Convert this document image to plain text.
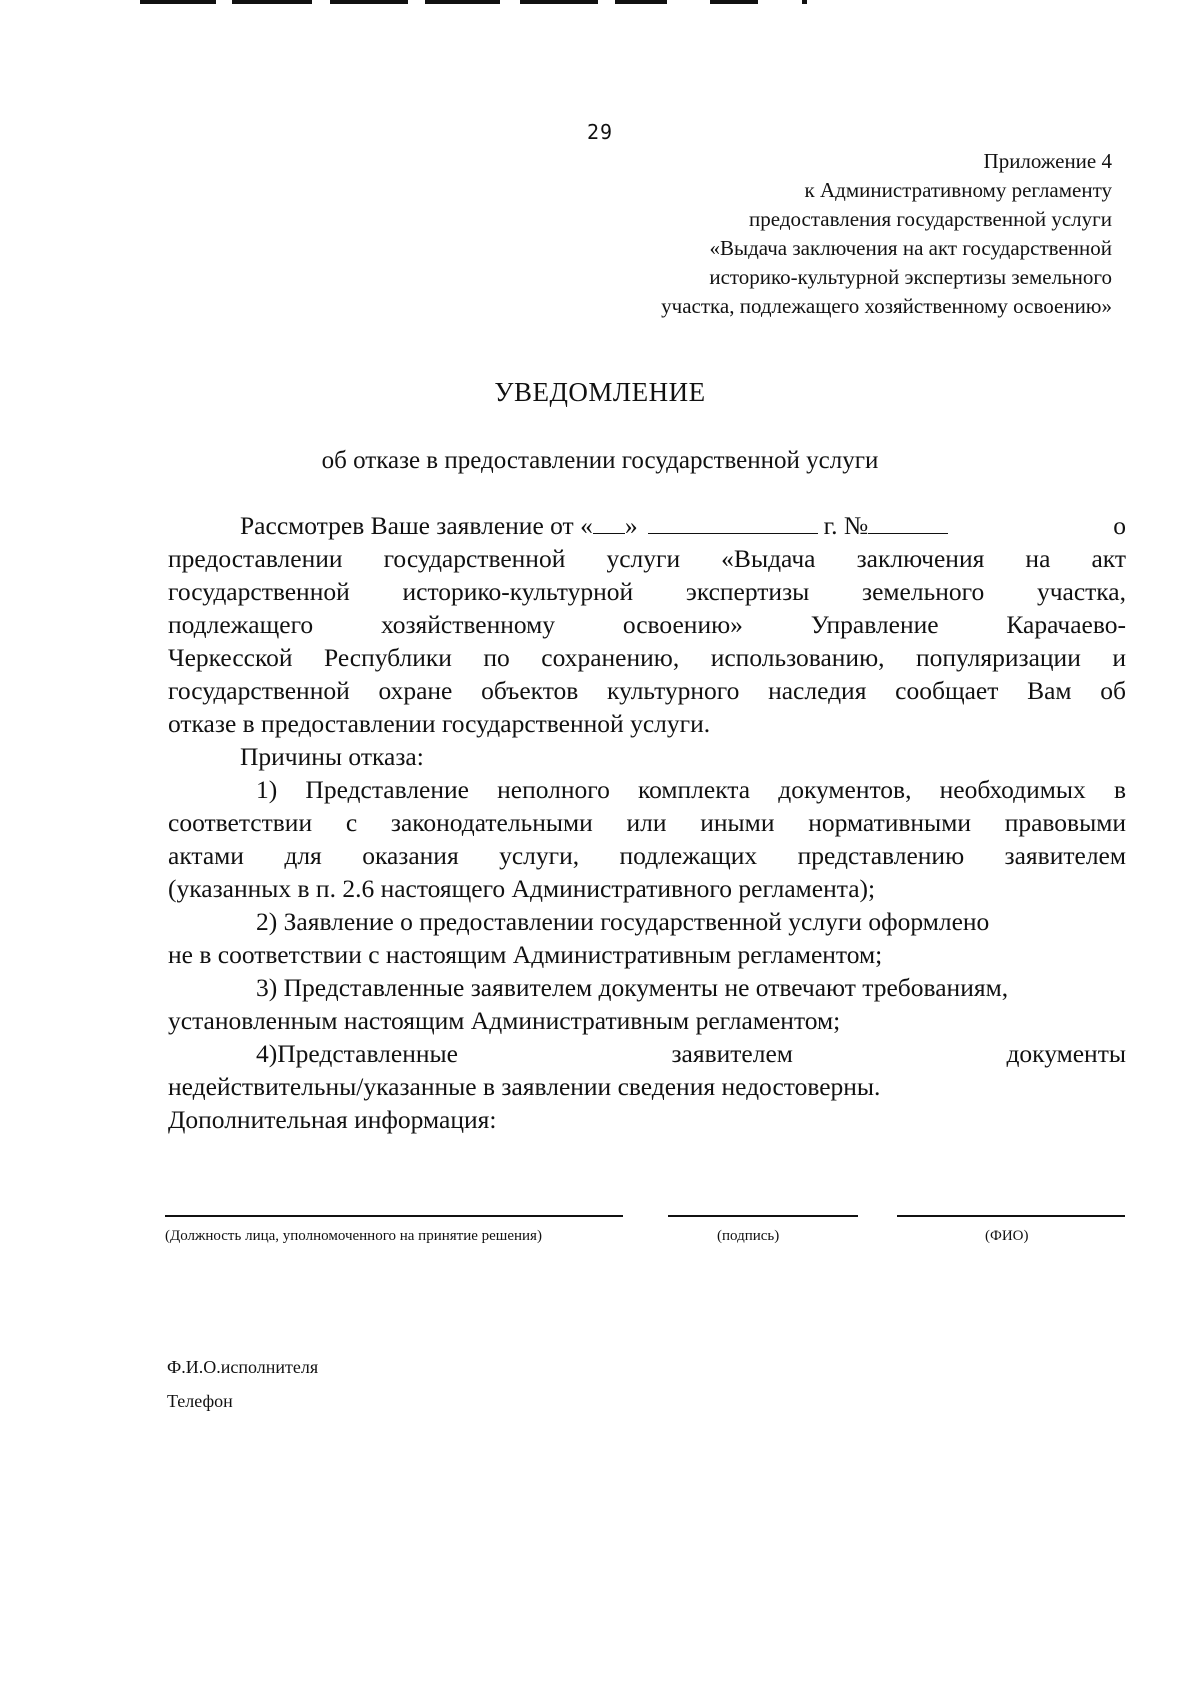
29
Приложение 4
к Административному регламенту
предоставления государственной услуги
«Выдача заключения на акт государственной
историко-культурной экспертизы земельного
участка, подлежащего хозяйственному освоению»
УВЕДОМЛЕНИЕ
об отказе в предоставлении государственной услуги
Рассмотрев Ваше заявление от « »	г. №	о
предоставлении государственной услуги «Выдача заключения на акт
государственной историко-культурной экспертизы земельного участка,
подлежащего хозяйственному освоению» Управление Карачаево-
Черкесской Республики по сохранению, использованию, популяризации и
государственной охране объектов культурного наследия сообщает Вам об
отказе в предоставлении государственной услуги.
Причины отказа:
1) Представление неполного комплекта документов, необходимых в
соответствии с законодательными или иными нормативными правовыми
актами для оказания услуги, подлежащих представлению заявителем
(указанных в п. 2.6 настоящего Административного регламента);
2) Заявление о предоставлении государственной услуги оформлено
не в соответствии с настоящим Административным регламентом;
3) Представленные заявителем документы не отвечают требованиям,
установленным настоящим Административным регламентом;
4)Представленные	заявителем	документы
недействительны/указанные в заявлении сведения недостоверны.
Дополнительная информация:
(Должность лица, уполномоченного на принятие решения)	(подпись)	(ФИО)
Ф.И.О.исполнителя
Телефон
